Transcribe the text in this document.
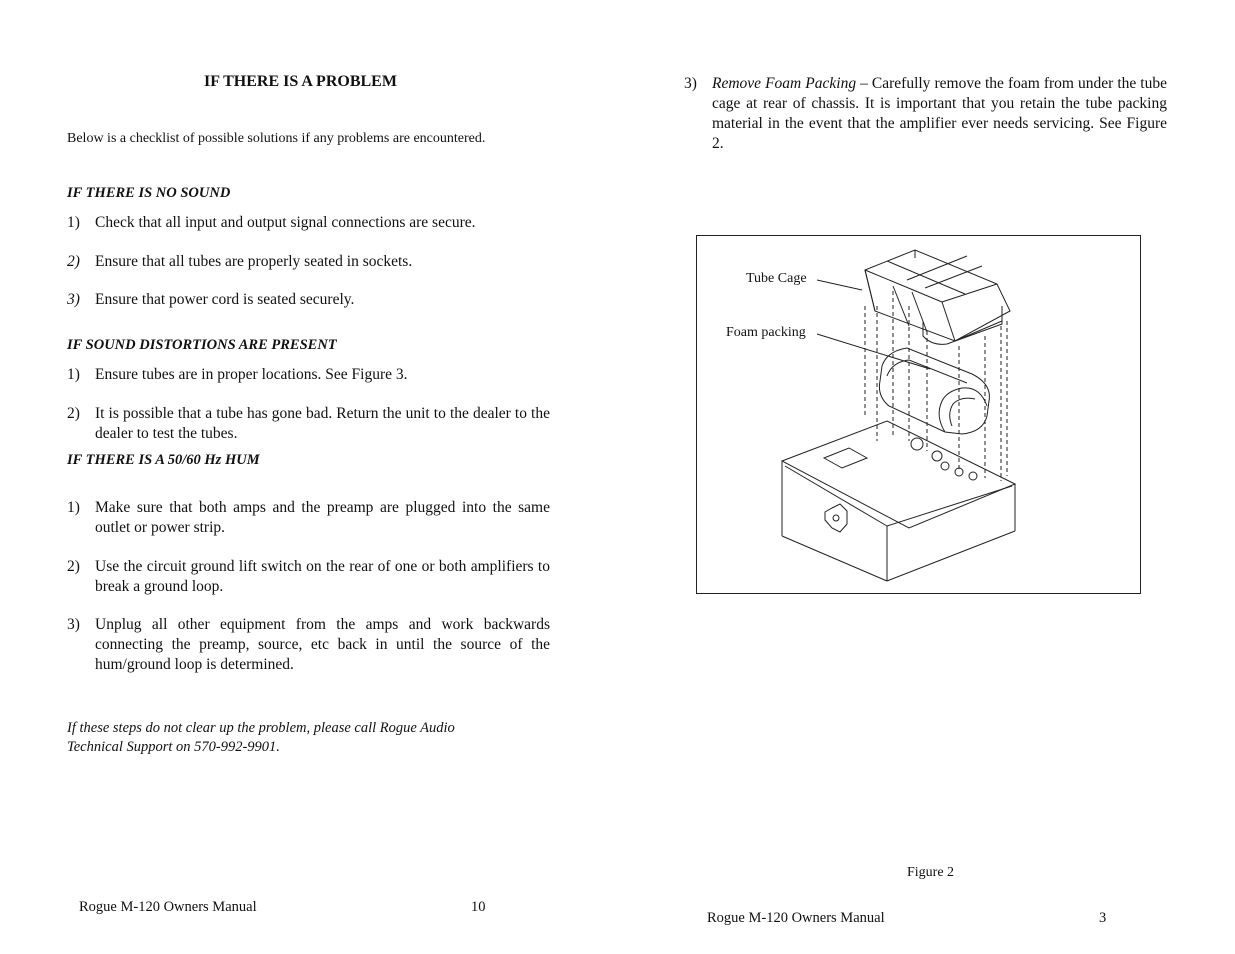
IF THERE IS A PROBLEM
Below is a checklist of possible solutions if any problems are encountered.
IF THERE IS NO SOUND
1) Check that all input and output signal connections are secure.
2) Ensure that all tubes are properly seated in sockets.
3) Ensure that power cord is seated securely.
IF SOUND DISTORTIONS ARE PRESENT
1) Ensure tubes are in proper locations. See Figure 3.
2) It is possible that a tube has gone bad. Return the unit to the dealer to the dealer to test the tubes.
IF THERE IS A 50/60 Hz HUM
1) Make sure that both amps and the preamp are plugged into the same outlet or power strip.
2) Use the circuit ground lift switch on the rear of one or both amplifiers to break a ground loop.
3) Unplug all other equipment from the amps and work backwards connecting the preamp, source, etc back in until the source of the hum/ground loop is determined.
If these steps do not clear up the problem, please call Rogue Audio
Technical Support on 570-992-9901.
Rogue M-120 Owners Manual	10
3) Remove Foam Packing – Carefully remove the foam from under the tube cage at rear of chassis. It is important that you retain the tube packing material in the event that the amplifier ever needs servicing. See Figure 2.
Tube Cage
Foam packing
Figure 2
Rogue M-120 Owners Manual	3
